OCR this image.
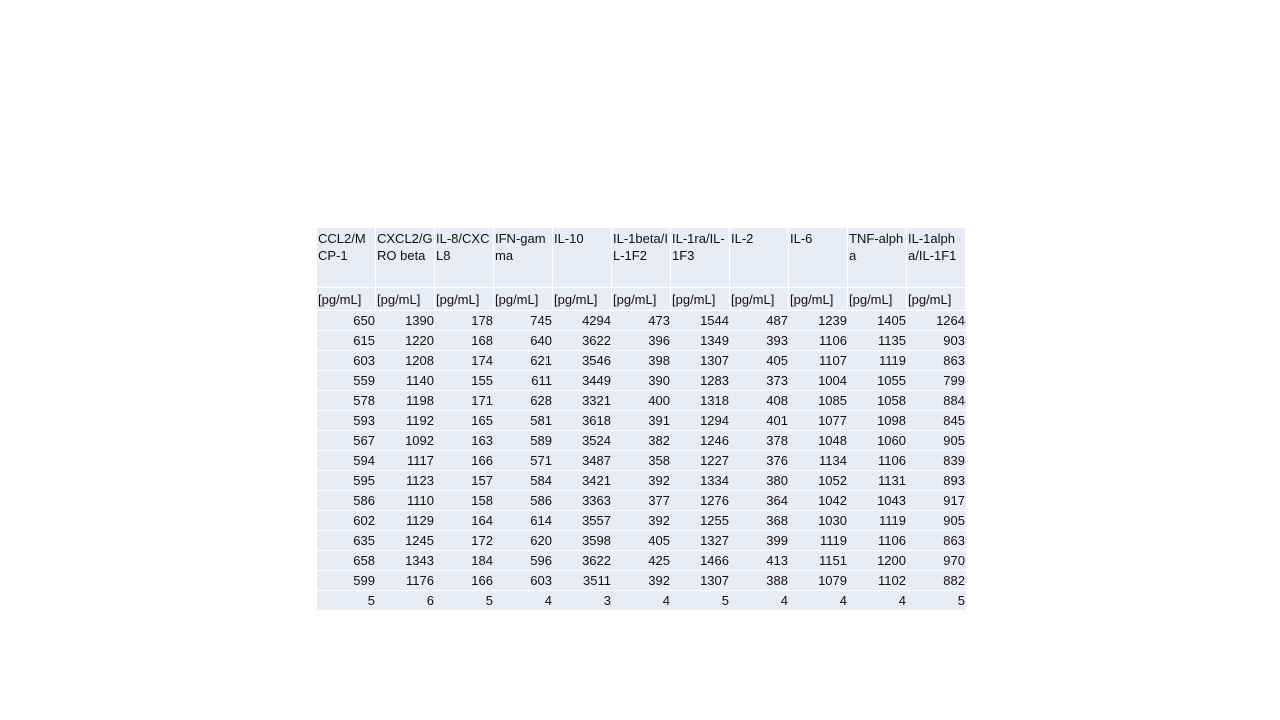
CCL2/MCP-1	CXCL2/GRO beta	IL-8/CXCL8	IFN-gamma	IL-10	IL-1beta/IL-1F2	IL-1ra/IL-1F3	IL-2	IL-6	TNF-alpha	IL-1alpha/IL-1F1
[pg/mL]	[pg/mL]	[pg/mL]	[pg/mL]	[pg/mL]	[pg/mL]	[pg/mL]	[pg/mL]	[pg/mL]	[pg/mL]	[pg/mL]
650	1390	178	745	4294	473	1544	487	1239	1405	1264
615	1220	168	640	3622	396	1349	393	1106	1135	903
603	1208	174	621	3546	398	1307	405	1107	1119	863
559	1140	155	611	3449	390	1283	373	1004	1055	799
578	1198	171	628	3321	400	1318	408	1085	1058	884
593	1192	165	581	3618	391	1294	401	1077	1098	845
567	1092	163	589	3524	382	1246	378	1048	1060	905
594	1117	166	571	3487	358	1227	376	1134	1106	839
595	1123	157	584	3421	392	1334	380	1052	1131	893
586	1110	158	586	3363	377	1276	364	1042	1043	917
602	1129	164	614	3557	392	1255	368	1030	1119	905
635	1245	172	620	3598	405	1327	399	1119	1106	863
658	1343	184	596	3622	425	1466	413	1151	1200	970
599	1176	166	603	3511	392	1307	388	1079	1102	882
5	6	5	4	3	4	5	4	4	4	5
